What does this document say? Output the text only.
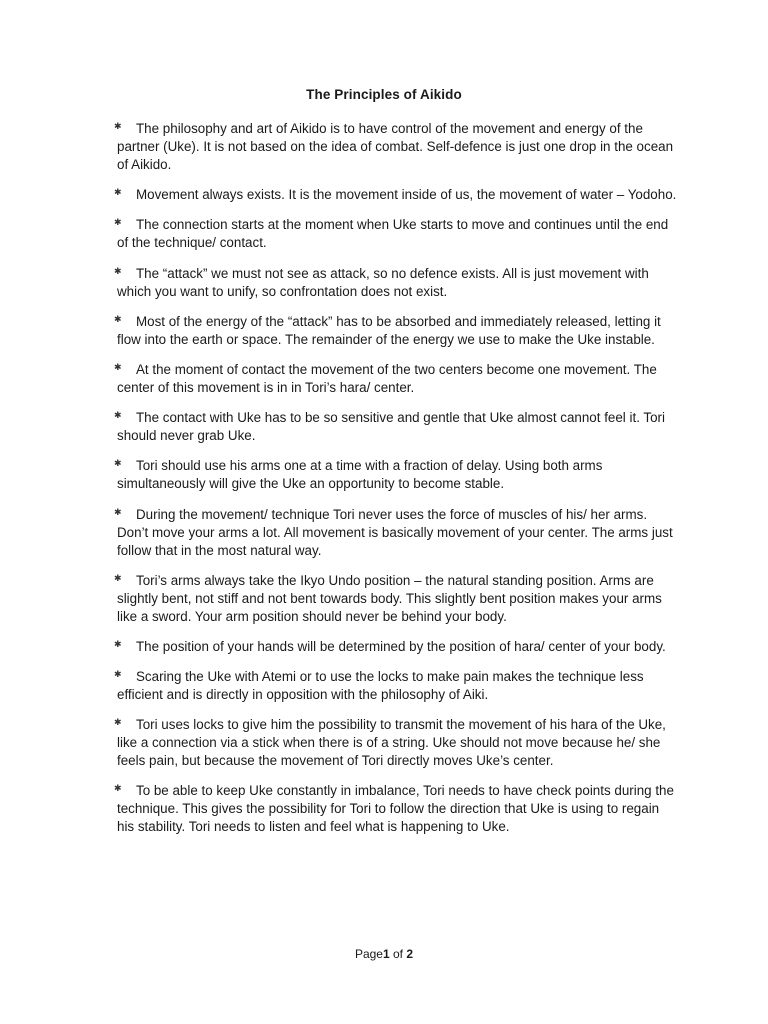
The Principles of Aikido
✱ The philosophy and art of Aikido is to have control of the movement and energy of the partner (Uke). It is not based on the idea of combat. Self-defence is just one drop in the ocean of Aikido.
✱ Movement always exists. It is the movement inside of us, the movement of water – Yodoho.
✱ The connection starts at the moment when Uke starts to move and continues until the end of the technique/ contact.
✱ The “attack” we must not see as attack, so no defence exists. All is just movement with which you want to unify, so confrontation does not exist.
✱ Most of the energy of the “attack” has to be absorbed and immediately released, letting it flow into the earth or space. The remainder of the energy we use to make the Uke instable.
✱ At the moment of contact the movement of the two centers become one movement. The center of this movement is in in Tori’s hara/ center.
✱ The contact with Uke has to be so sensitive and gentle that Uke almost cannot feel it. Tori should never grab Uke.
✱ Tori should use his arms one at a time with a fraction of delay. Using both arms simultaneously will give the Uke an opportunity to become stable.
✱ During the movement/ technique Tori never uses the force of muscles of his/ her arms. Don’t move your arms a lot. All movement is basically movement of your center. The arms just follow that in the most natural way.
✱ Tori’s arms always take the Ikyo Undo position – the natural standing position. Arms are slightly bent, not stiff and not bent towards body. This slightly bent position makes your arms like a sword. Your arm position should never be behind your body.
✱ The position of your hands will be determined by the position of hara/ center of your body.
✱ Scaring the Uke with Atemi or to use the locks to make pain makes the technique less efficient and is directly in opposition with the philosophy of Aiki.
✱ Tori uses locks to give him the possibility to transmit the movement of his hara of the Uke, like a connection via a stick when there is of a string. Uke should not move because he/ she feels pain, but because the movement of Tori directly moves Uke’s center.
✱ To be able to keep Uke constantly in imbalance, Tori needs to have check points during the technique. This gives the possibility for Tori to follow the direction that Uke is using to regain his stability. Tori needs to listen and feel what is happening to Uke.
Page1 of 2
